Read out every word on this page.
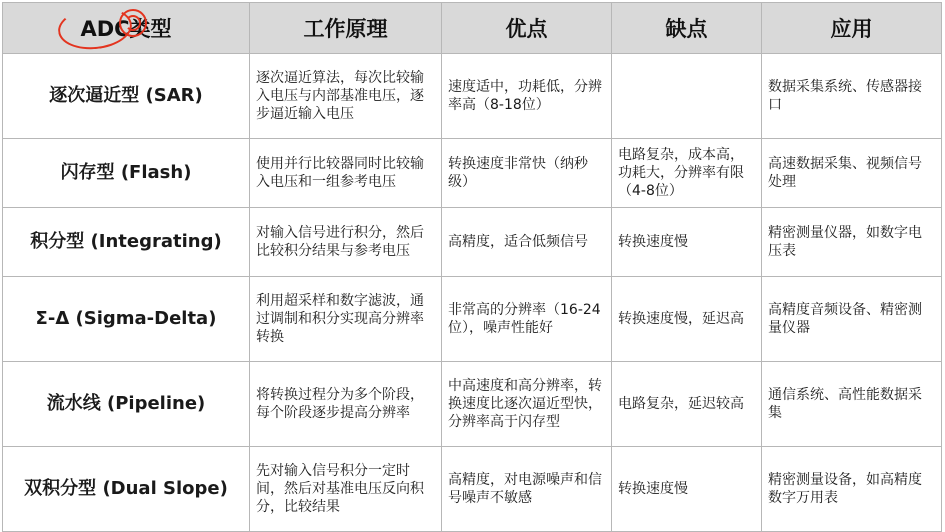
ADC类型	工作原理	优点	缺点	应用
逐次逼近型 (SAR)	逐次逼近算法，每次比较输入电压与内部基准电压，逐步逼近输入电压	速度适中，功耗低，分辨率高（8-18位）		数据采集系统、传感器接口
闪存型 (Flash)	使用并行比较器同时比较输入电压和一组参考电压	转换速度非常快（纳秒级）	电路复杂，成本高，功耗大，分辨率有限（4-8位）	高速数据采集、视频信号处理
积分型 (Integrating)	对输入信号进行积分，然后比较积分结果与参考电压	高精度，适合低频信号	转换速度慢	精密测量仪器，如数字电压表
Σ-Δ (Sigma-Delta)	利用超采样和数字滤波，通过调制和积分实现高分辨率转换	非常高的分辨率（16-24位），噪声性能好	转换速度慢，延迟高	高精度音频设备、精密测量仪器
流水线 (Pipeline)	将转换过程分为多个阶段，每个阶段逐步提高分辨率	中高速度和高分辨率，转换速度比逐次逼近型快，分辨率高于闪存型	电路复杂，延迟较高	通信系统、高性能数据采集
双积分型 (Dual Slope)	先对输入信号积分一定时间，然后对基准电压反向积分，比较结果	高精度，对电源噪声和信号噪声不敏感	转换速度慢	精密测量设备，如高精度数字万用表
